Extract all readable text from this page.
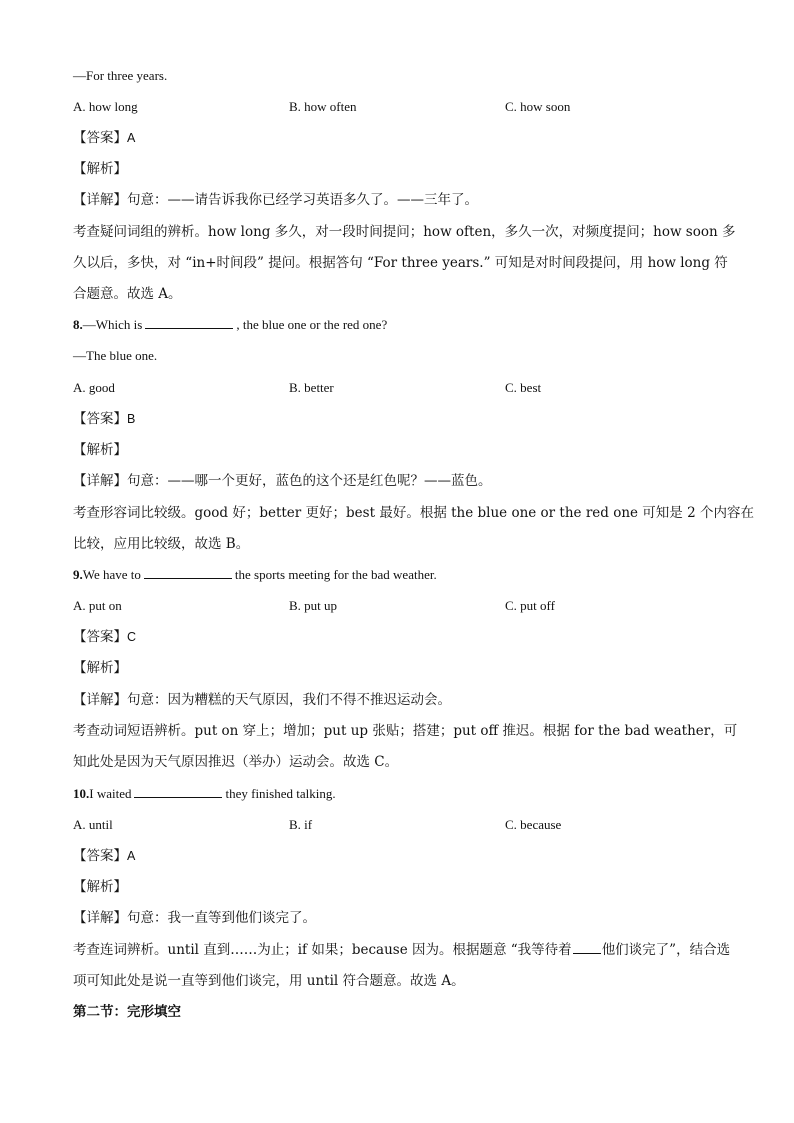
—For three years.
A. how long	B. how often	C. how soon
【答案】A
【解析】
【详解】句意：——请告诉我你已经学习英语多久了。——三年了。
考查疑问词组的辨析。how long 多久，对一段时间提问；how often，多久一次，对频度提问；how soon 多
久以后，多快，对 “in+时间段” 提问。根据答句 “For three years.” 可知是对时间段提问，用 how long 符
合题意。故选 A。
8.—Which is	, the blue one or the red one?
—The blue one.
A. good	B. better	C. best
【答案】B
【解析】
【详解】句意：——哪一个更好，蓝色的这个还是红色呢？——蓝色。
考查形容词比较级。good 好；better 更好；best 最好。根据 the blue one or the red one 可知是 2 个内容在
比较，应用比较级，故选 B。
9.We have to	the sports meeting for the bad weather.
A. put on	B. put up	C. put off
【答案】C
【解析】
【详解】句意：因为糟糕的天气原因，我们不得不推迟运动会。
考查动词短语辨析。put on 穿上；增加；put up 张贴；搭建；put off 推迟。根据 for the bad weather，可
知此处是因为天气原因推迟（举办）运动会。故选 C。
10.I waited	they finished talking.
A. until	B. if	C. because
【答案】A
【解析】
【详解】句意：我一直等到他们谈完了。
考查连词辨析。until 直到……为止；if 如果；because 因为。根据题意 “我等待着 他们谈完了”，结合选
项可知此处是说一直等到他们谈完，用 until 符合题意。故选 A。
第二节：完形填空
